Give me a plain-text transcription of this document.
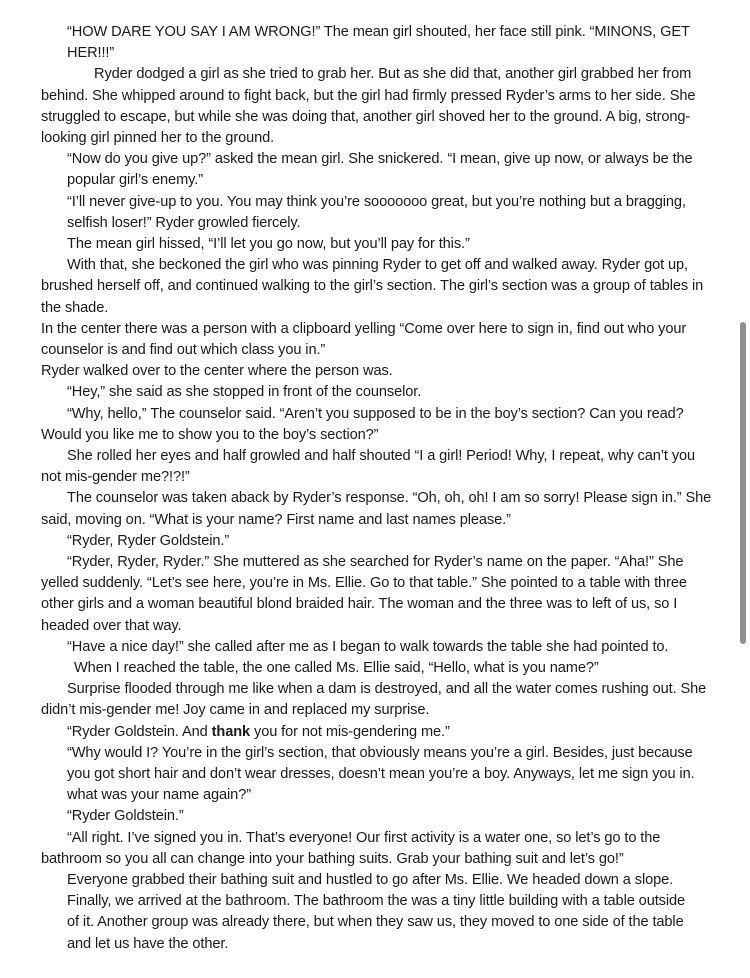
“HOW DARE YOU SAY I AM WRONG!” The mean girl shouted, her face still pink. “MINONS, GET
HER!!!”
Ryder dodged a girl as she tried to grab her. But as she did that, another girl grabbed her from
behind. She whipped around to fight back, but the girl had firmly pressed Ryder’s arms to her side. She
struggled to escape, but while she was doing that, another girl shoved her to the ground. A big, strong-
looking girl pinned her to the ground.
“Now do you give up?” asked the mean girl. She snickered. “I mean, give up now, or always be the
popular girl’s enemy.”
“I’ll never give-up to you. You may think you’re sooooooo great, but you’re nothing but a bragging,
selfish loser!” Ryder growled fiercely.
The mean girl hissed, “I’ll let you go now, but you’ll pay for this.”
With that, she beckoned the girl who was pinning Ryder to get off and walked away. Ryder got up,
brushed herself off, and continued walking to the girl’s section. The girl’s section was a group of tables in
the shade.
In the center there was a person with a clipboard yelling “Come over here to sign in, find out who your
counselor is and find out which class you in.”
Ryder walked over to the center where the person was.
“Hey,” she said as she stopped in front of the counselor.
“Why, hello,” The counselor said. “Aren’t you supposed to be in the boy’s section? Can you read?
Would you like me to show you to the boy’s section?”
She rolled her eyes and half growled and half shouted “I a girl! Period! Why, I repeat, why can’t you
not mis-gender me?!?!”
The counselor was taken aback by Ryder’s response. “Oh, oh, oh! I am so sorry! Please sign in.” She
said, moving on. “What is your name? First name and last names please.”
“Ryder, Ryder Goldstein.”
“Ryder, Ryder, Ryder.” She muttered as she searched for Ryder’s name on the paper. “Aha!” She
yelled suddenly. “Let’s see here, you’re in Ms. Ellie. Go to that table.” She pointed to a table with three
other girls and a woman beautiful blond braided hair. The woman and the three was to left of us, so I
headed over that way.
“Have a nice day!” she called after me as I began to walk towards the table she had pointed to.
When I reached the table, the one called Ms. Ellie said, “Hello, what is you name?”
Surprise flooded through me like when a dam is destroyed, and all the water comes rushing out. She
didn’t mis-gender me! Joy came in and replaced my surprise.
“Ryder Goldstein. And thank you for not mis-gendering me.”
“Why would I? You’re in the girl’s section, that obviously means you’re a girl. Besides, just because
you got short hair and don’t wear dresses, doesn’t mean you’re a boy. Anyways, let me sign you in.
what was your name again?”
“Ryder Goldstein.”
“All right. I’ve signed you in. That’s everyone! Our first activity is a water one, so let’s go to the
bathroom so you all can change into your bathing suits. Grab your bathing suit and let’s go!”
Everyone grabbed their bathing suit and hustled to go after Ms. Ellie. We headed down a slope.
Finally, we arrived at the bathroom. The bathroom the was a tiny little building with a table outside
of it. Another group was already there, but when they saw us, they moved to one side of the table
and let us have the other.
